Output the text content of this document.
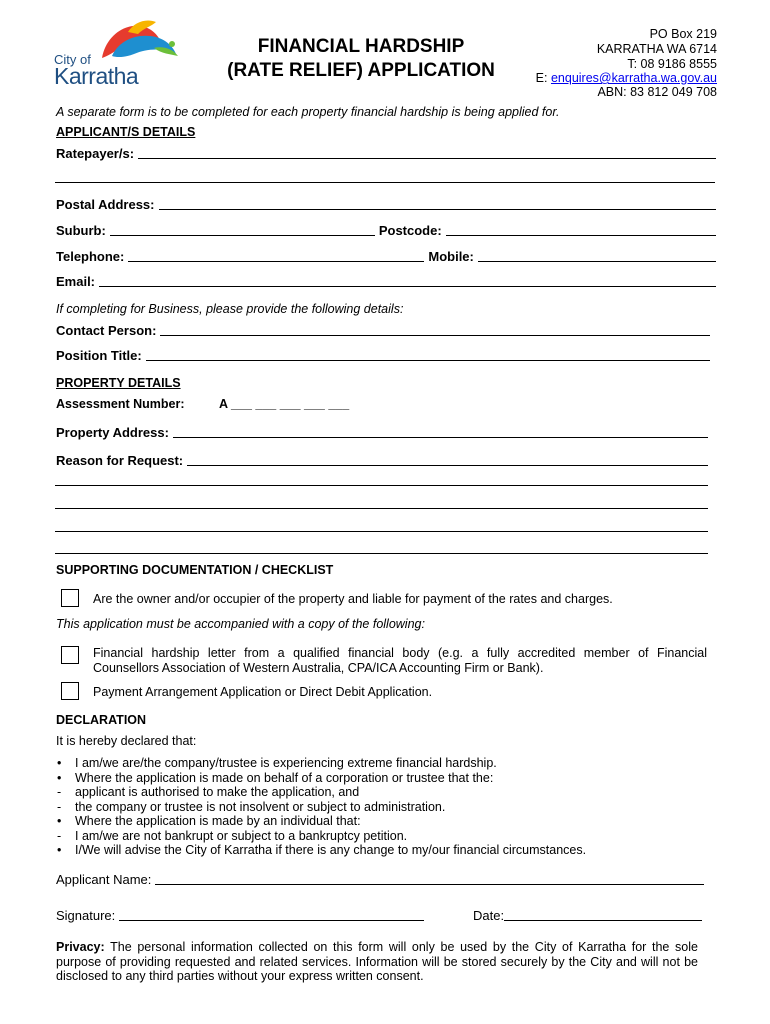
City of
Karratha
FINANCIAL HARDSHIP
(RATE RELIEF) APPLICATION
PO Box 219
KARRATHA WA 6714
T: 08 9186 8555
E: enquires@karratha.wa.gov.au
ABN: 83 812 049 708
A separate form is to be completed for each property financial hardship is being applied for.
APPLICANT/S DETAILS
Ratepayer/s:
Postal Address:
Suburb:	Postcode:
Telephone:	Mobile:
Email:
If completing for Business, please provide the following details:
Contact Person:
Position Title:
PROPERTY DETAILS
Assessment Number:	A ___ ___ ___ ___ ___
Property Address:
Reason for Request:
SUPPORTING DOCUMENTATION / CHECKLIST
Are the owner and/or occupier of the property and liable for payment of the rates and charges.
This application must be accompanied with a copy of the following:
Financial hardship letter from a qualified financial body (e.g. a fully accredited member of Financial
Counsellors Association of Western Australia, CPA/ICA Accounting Firm or Bank).
Payment Arrangement Application or Direct Debit Application.
DECLARATION
It is hereby declared that:
• I am/we are/the company/trustee is experiencing extreme financial hardship.
• Where the application is made on behalf of a corporation or trustee that the:
- applicant is authorised to make the application, and
- the company or trustee is not insolvent or subject to administration.
• Where the application is made by an individual that:
- I am/we are not bankrupt or subject to a bankruptcy petition.
• I/We will advise the City of Karratha if there is any change to my/our financial circumstances.
Applicant Name:
Signature:	Date:
Privacy: The personal information collected on this form will only be used by the City of Karratha for the sole purpose of providing requested and related services. Information will be stored securely by the City and will not be disclosed to any third parties without your express written consent.
